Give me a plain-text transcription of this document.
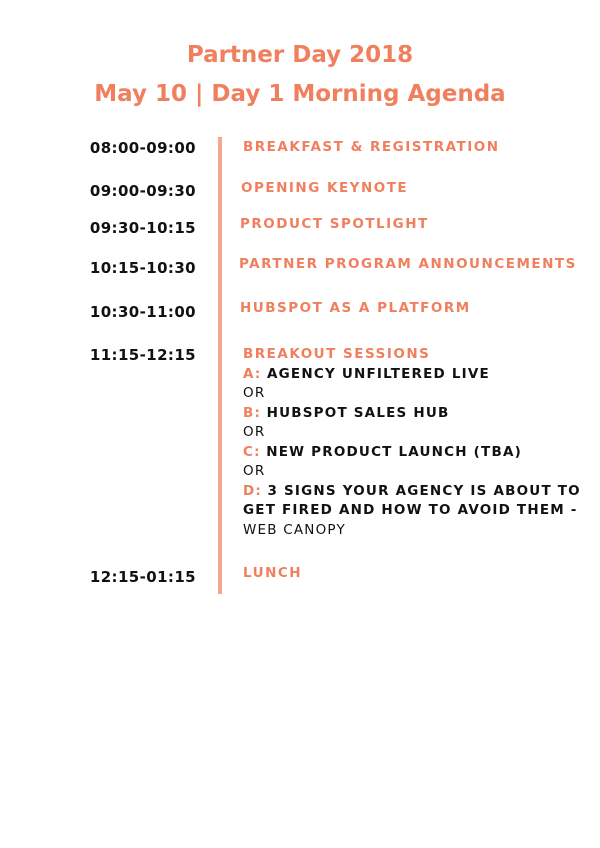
Partner Day 2018
May 10 | Day 1 Morning Agenda
08:00-09:00	BREAKFAST & REGISTRATION
09:00-09:30	OPENING KEYNOTE
09:30-10:15	PRODUCT SPOTLIGHT
10:15-10:30	PARTNER PROGRAM ANNOUNCEMENTS
10:30-11:00	HUBSPOT AS A PLATFORM
11:15-12:15	BREAKOUT SESSIONS
A: AGENCY UNFILTERED LIVE
OR
B: HUBSPOT SALES HUB
OR
C: NEW PRODUCT LAUNCH (TBA)
OR
D: 3 SIGNS YOUR AGENCY IS ABOUT TO
GET FIRED AND HOW TO AVOID THEM -
WEB CANOPY
12:15-01:15	LUNCH
